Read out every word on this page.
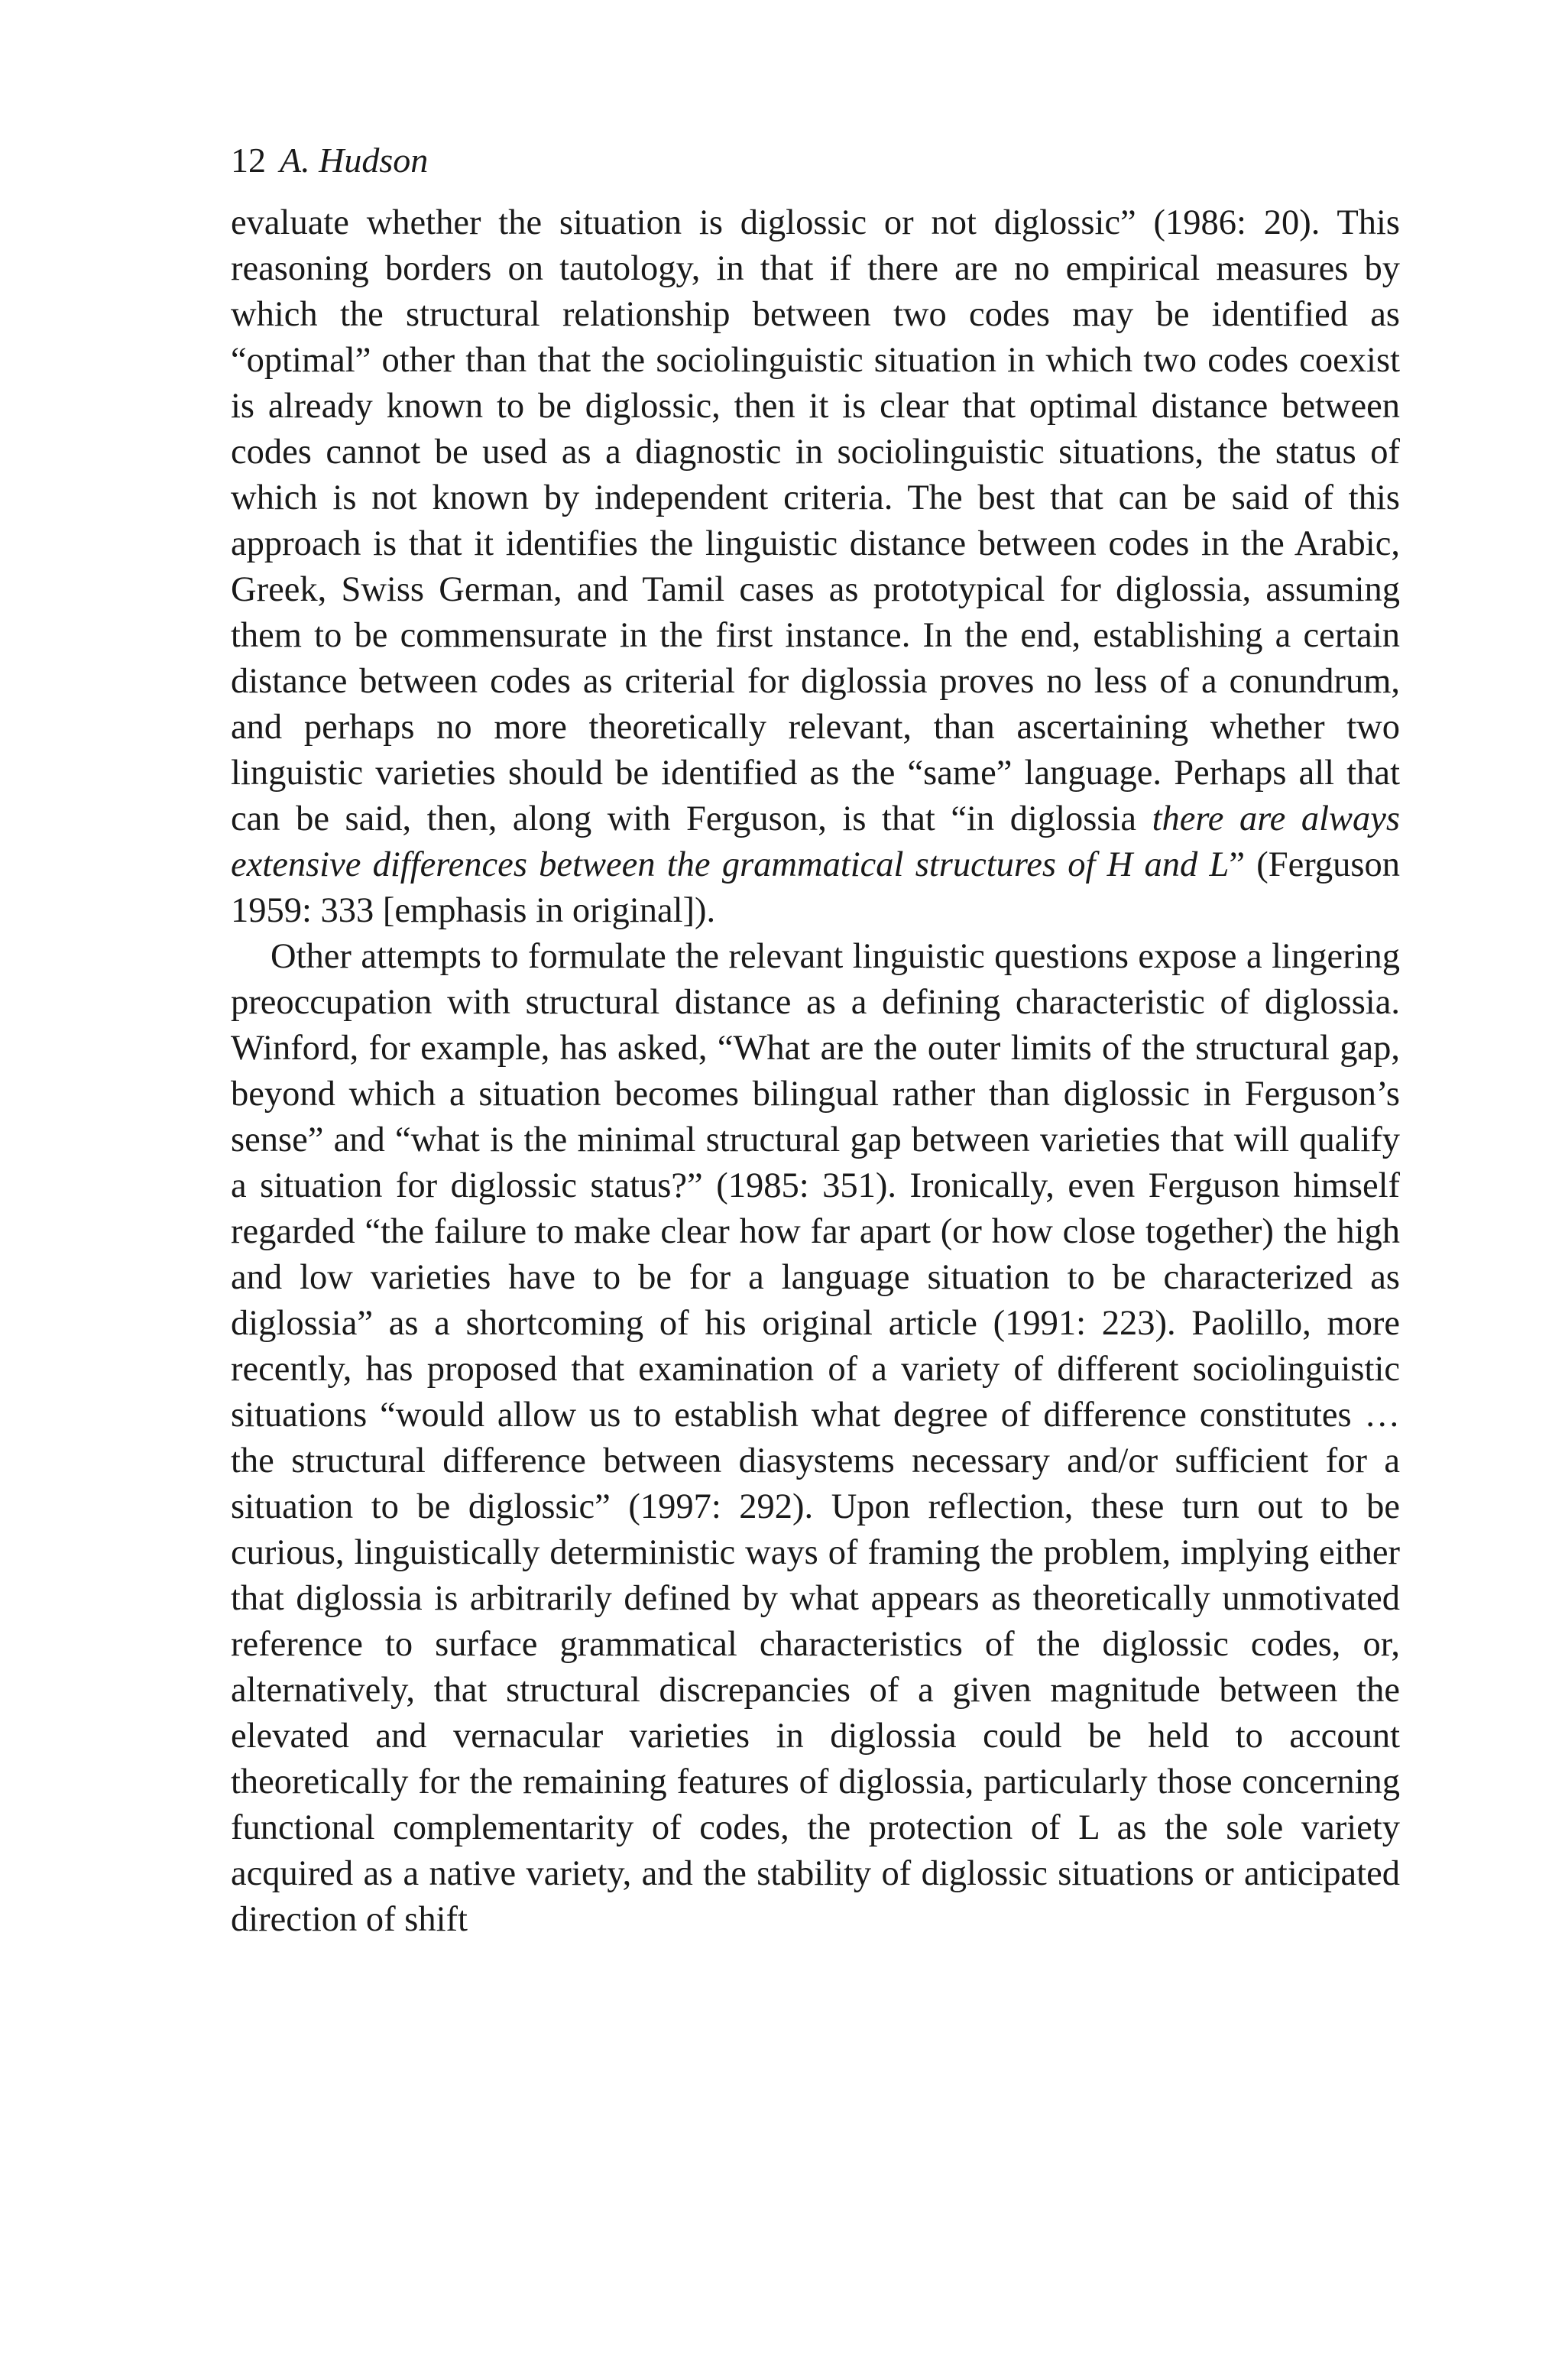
12 A. Hudson

evaluate whether the situation is diglossic or not diglossic” (1986: 20). This reasoning borders on tautology, in that if there are no empirical measures by which the structural relationship between two codes may be identified as “optimal” other than that the sociolinguistic situation in which two codes coexist is already known to be diglossic, then it is clear that optimal distance between codes cannot be used as a diagnostic in sociolinguistic situations, the status of which is not known by independent criteria. The best that can be said of this approach is that it identifies the linguistic distance between codes in the Arabic, Greek, Swiss German, and Tamil cases as prototypical for diglossia, assuming them to be commensurate in the first instance. In the end, establishing a certain distance between codes as criterial for diglossia proves no less of a conundrum, and perhaps no more theoretically relevant, than ascertaining whether two linguistic varieties should be identified as the “same” language. Perhaps all that can be said, then, along with Ferguson, is that “in diglossia there are always extensive differences between the grammatical structures of H and L” (Ferguson 1959: 333 [emphasis in original]).

Other attempts to formulate the relevant linguistic questions expose a lingering preoccupation with structural distance as a defining characteristic of diglossia. Winford, for example, has asked, “What are the outer limits of the structural gap, beyond which a situation becomes bilingual rather than diglossic in Ferguson’s sense” and “what is the minimal structural gap between varieties that will qualify a situation for diglossic status?” (1985: 351). Ironically, even Ferguson himself regarded “the failure to make clear how far apart (or how close together) the high and low varieties have to be for a language situation to be characterized as diglossia” as a shortcoming of his original article (1991: 223). Paolillo, more recently, has proposed that examination of a variety of different sociolinguistic situations “would allow us to establish what degree of difference constitutes … the structural difference between diasystems necessary and/or sufficient for a situation to be diglossic” (1997: 292). Upon reflection, these turn out to be curious, linguistically deterministic ways of framing the problem, implying either that diglossia is arbitrarily defined by what appears as theoretically unmotivated reference to surface grammatical characteristics of the diglossic codes, or, alternatively, that structural discrepancies of a given magnitude between the elevated and vernacular varieties in diglossia could be held to account theoretically for the remaining features of diglossia, particularly those concerning functional complementarity of codes, the protection of L as the sole variety acquired as a native variety, and the stability of diglossic situations or anticipated direction of shift
